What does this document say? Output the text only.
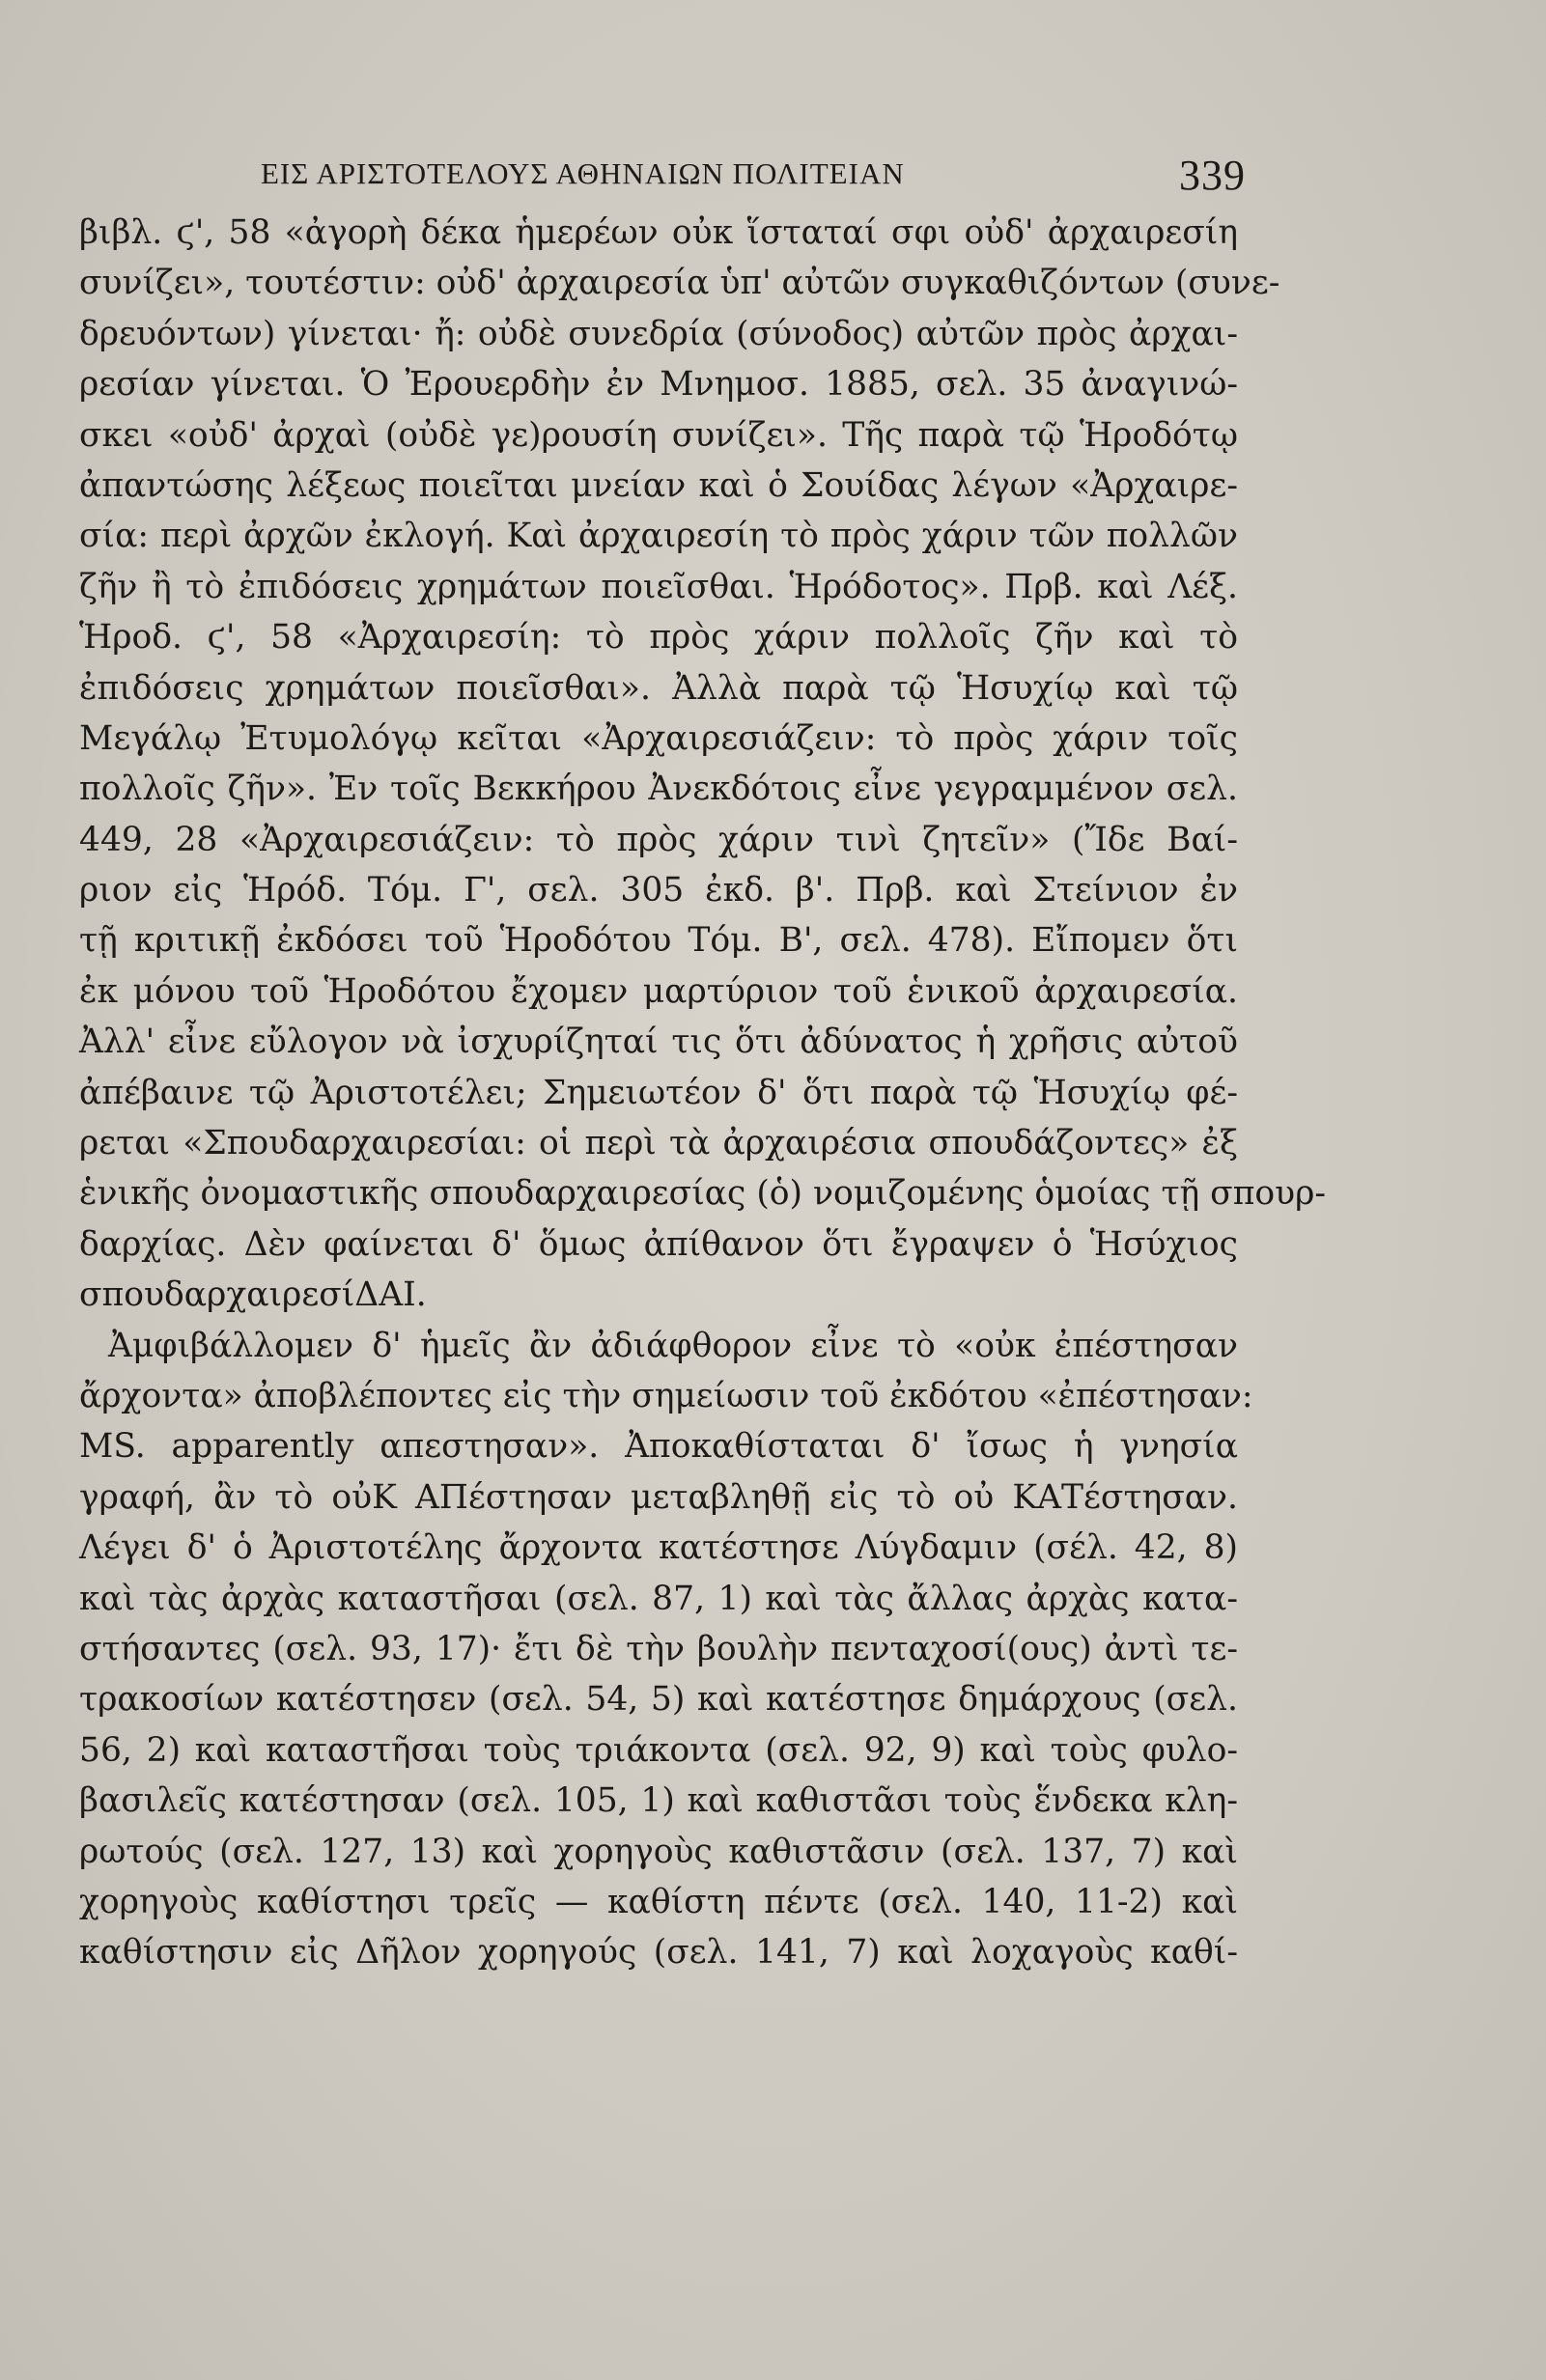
ΕΙΣ ΑΡΙΣΤΟΤΕΛΟΥΣ ΑΘΗΝΑΙΩΝ ΠΟΛΙΤΕΙΑΝ	339
βιβλ. ϛ', 58 «ἀγορὴ δέκα ἡμερέων οὐκ ἵσταταί σφι οὐδ' ἀρχαιρεσίη
συνίζει», τουτέστιν: οὐδ' ἀρχαιρεσία ὑπ' αὐτῶν συγκαθιζόντων (συνε-
δρευόντων) γίνεται· ἤ: οὐδὲ συνεδρία (σύνοδος) αὐτῶν πρὸς ἀρχαι-
ρεσίαν γίνεται. Ὁ Ἐρουερδὴν ἐν Μνημοσ. 1885, σελ. 35 ἀναγινώ-
σκει «οὐδ' ἀρχαὶ (οὐδὲ γε)ρουσίη συνίζει». Τῆς παρὰ τῷ Ἡροδότῳ
ἀπαντώσης λέξεως ποιεῖται μνείαν καὶ ὁ Σουίδας λέγων «Ἀρχαιρε-
σία: περὶ ἀρχῶν ἐκλογή. Καὶ ἀρχαιρεσίη τὸ πρὸς χάριν τῶν πολλῶν
ζῆν ἢ τὸ ἐπιδόσεις χρημάτων ποιεῖσθαι. Ἡρόδοτος». Πρβ. καὶ Λέξ.
Ἡροδ. ϛ', 58 «Ἀρχαιρεσίη: τὸ πρὸς χάριν πολλοῖς ζῆν καὶ τὸ
ἐπιδόσεις χρημάτων ποιεῖσθαι». Ἀλλὰ παρὰ τῷ Ἡσυχίῳ καὶ τῷ
Μεγάλῳ Ἐτυμολόγῳ κεῖται «Ἀρχαιρεσιάζειν: τὸ πρὸς χάριν τοῖς
πολλοῖς ζῆν». Ἐν τοῖς Βεκκήρου Ἀνεκδότοις εἶνε γεγραμμένον σελ.
449, 28 «Ἀρχαιρεσιάζειν: τὸ πρὸς χάριν τινὶ ζητεῖν» (Ἴδε Βαί-
ριον εἰς Ἡρόδ. Τόμ. Γ', σελ. 305 ἐκδ. β'. Πρβ. καὶ Στείνιον ἐν
τῇ κριτικῇ ἐκδόσει τοῦ Ἡροδότου Τόμ. Β', σελ. 478). Εἴπομεν ὅτι
ἐκ μόνου τοῦ Ἡροδότου ἔχομεν μαρτύριον τοῦ ἑνικοῦ ἀρχαιρεσία.
Ἀλλ' εἶνε εὔλογον νὰ ἰσχυρίζηταί τις ὅτι ἀδύνατος ἡ χρῆσις αὐτοῦ
ἀπέβαινε τῷ Ἀριστοτέλει; Σημειωτέον δ' ὅτι παρὰ τῷ Ἡσυχίῳ φέ-
ρεται «Σπουδαρχαιρεσίαι: οἱ περὶ τὰ ἀρχαιρέσια σπουδάζοντες» ἐξ
ἑνικῆς ὀνομαστικῆς σπουδαρχαιρεσίας (ὁ) νομιζομένης ὁμοίας τῇ σπουρ-
δαρχίας. Δὲν φαίνεται δ' ὅμως ἀπίθανον ὅτι ἔγραψεν ὁ Ἡσύχιος
σπουδαρχαιρεσίΔΑΙ.
Ἀμφιβάλλομεν δ' ἡμεῖς ἂν ἀδιάφθορον εἶνε τὸ «οὐκ ἐπέστησαν
ἄρχοντα» ἀποβλέποντες εἰς τὴν σημείωσιν τοῦ ἐκδότου «ἐπέστησαν:
MS. apparently απεστησαν». Ἀποκαθίσταται δ' ἴσως ἡ γνησία
γραφή, ἂν τὸ οὐΚ ΑΠέστησαν μεταβληθῇ εἰς τὸ οὐ ΚΑΤέστησαν.
Λέγει δ' ὁ Ἀριστοτέλης ἄρχοντα κατέστησε Λύγδαμιν (σέλ. 42, 8)
καὶ τὰς ἀρχὰς καταστῆσαι (σελ. 87, 1) καὶ τὰς ἄλλας ἀρχὰς κατα-
στήσαντες (σελ. 93, 17)· ἔτι δὲ τὴν βουλὴν πενταχοσί(ους) ἀντὶ τε-
τρακοσίων κατέστησεν (σελ. 54, 5) καὶ κατέστησε δημάρχους (σελ.
56, 2) καὶ καταστῆσαι τοὺς τριάκοντα (σελ. 92, 9) καὶ τοὺς φυλο-
βασιλεῖς κατέστησαν (σελ. 105, 1) καὶ καθιστᾶσι τοὺς ἕνδεκα κλη-
ρωτούς (σελ. 127, 13) καὶ χορηγοὺς καθιστᾶσιν (σελ. 137, 7) καὶ
χορηγοὺς καθίστησι τρεῖς — καθίστη πέντε (σελ. 140, 11-2) καὶ
καθίστησιν εἰς Δῆλον χορηγούς (σελ. 141, 7) καὶ λοχαγοὺς καθί-
